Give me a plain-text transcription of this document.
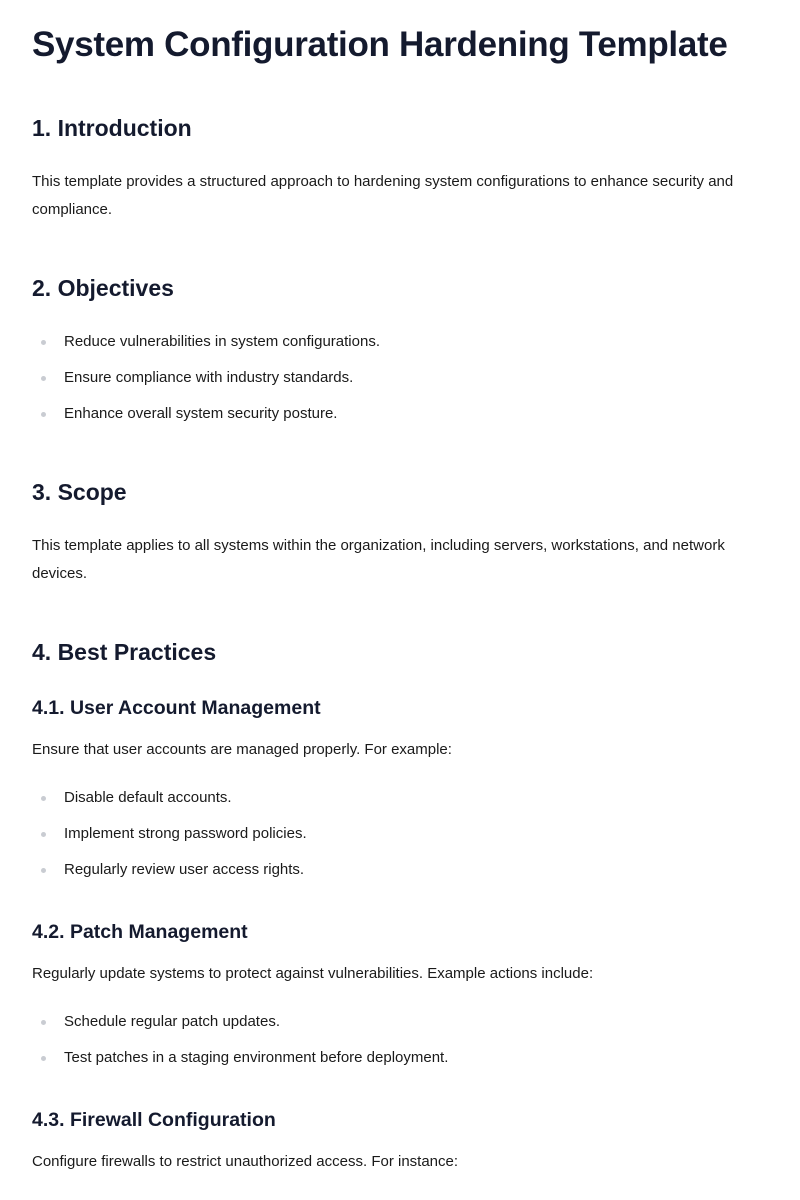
System Configuration Hardening Template
1. Introduction

This template provides a structured approach to hardening system configurations to enhance security and compliance.

2. Objectives
Reduce vulnerabilities in system configurations.
Ensure compliance with industry standards.
Enhance overall system security posture.
3. Scope

This template applies to all systems within the organization, including servers, workstations, and network devices.

4. Best Practices
4.1. User Account Management

Ensure that user accounts are managed properly. For example:

Disable default accounts.
Implement strong password policies.
Regularly review user access rights.
4.2. Patch Management

Regularly update systems to protect against vulnerabilities. Example actions include:

Schedule regular patch updates.
Test patches in a staging environment before deployment.
4.3. Firewall Configuration

Configure firewalls to restrict unauthorized access. For instance:
